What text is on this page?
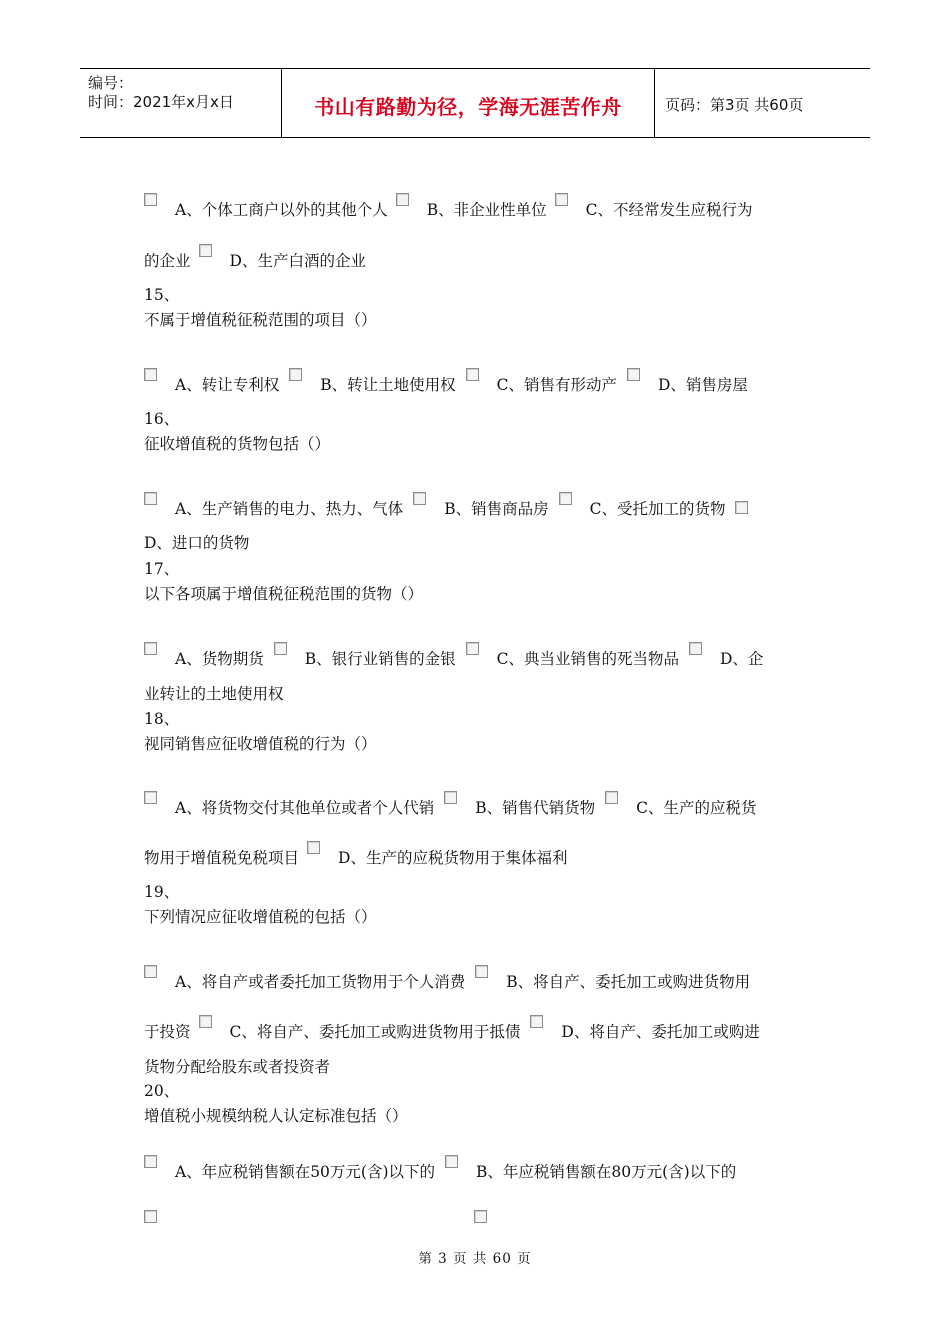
编号：
时间：2021年x月x日	书山有路勤为径，学海无涯苦作舟	页码：第3页 共60页
A、个体工商户以外的其他个人	B、非企业性单位	C、不经常发生应税行为
的企业	D、生产白酒的企业
15、
不属于增值税征税范围的项目（）
A、转让专利权	B、转让土地使用权	C、销售有形动产	D、销售房屋
16、
征收增值税的货物包括（）
A、生产销售的电力、热力、气体	B、销售商品房	C、受托加工的货物
D、进口的货物
17、
以下各项属于增值税征税范围的货物（）
A、货物期货	B、银行业销售的金银	C、典当业销售的死当物品	D、企
业转让的土地使用权
18、
视同销售应征收增值税的行为（）
A、将货物交付其他单位或者个人代销	B、销售代销货物	C、生产的应税货
物用于增值税免税项目	D、生产的应税货物用于集体福利
19、
下列情况应征收增值税的包括（）
A、将自产或者委托加工货物用于个人消费	B、将自产、委托加工或购进货物用
于投资	C、将自产、委托加工或购进货物用于抵债	D、将自产、委托加工或购进
货物分配给股东或者投资者
20、
增值税小规模纳税人认定标准包括（）
A、年应税销售额在50万元(含)以下的	B、年应税销售额在80万元(含)以下的
第 3 页 共 60 页
